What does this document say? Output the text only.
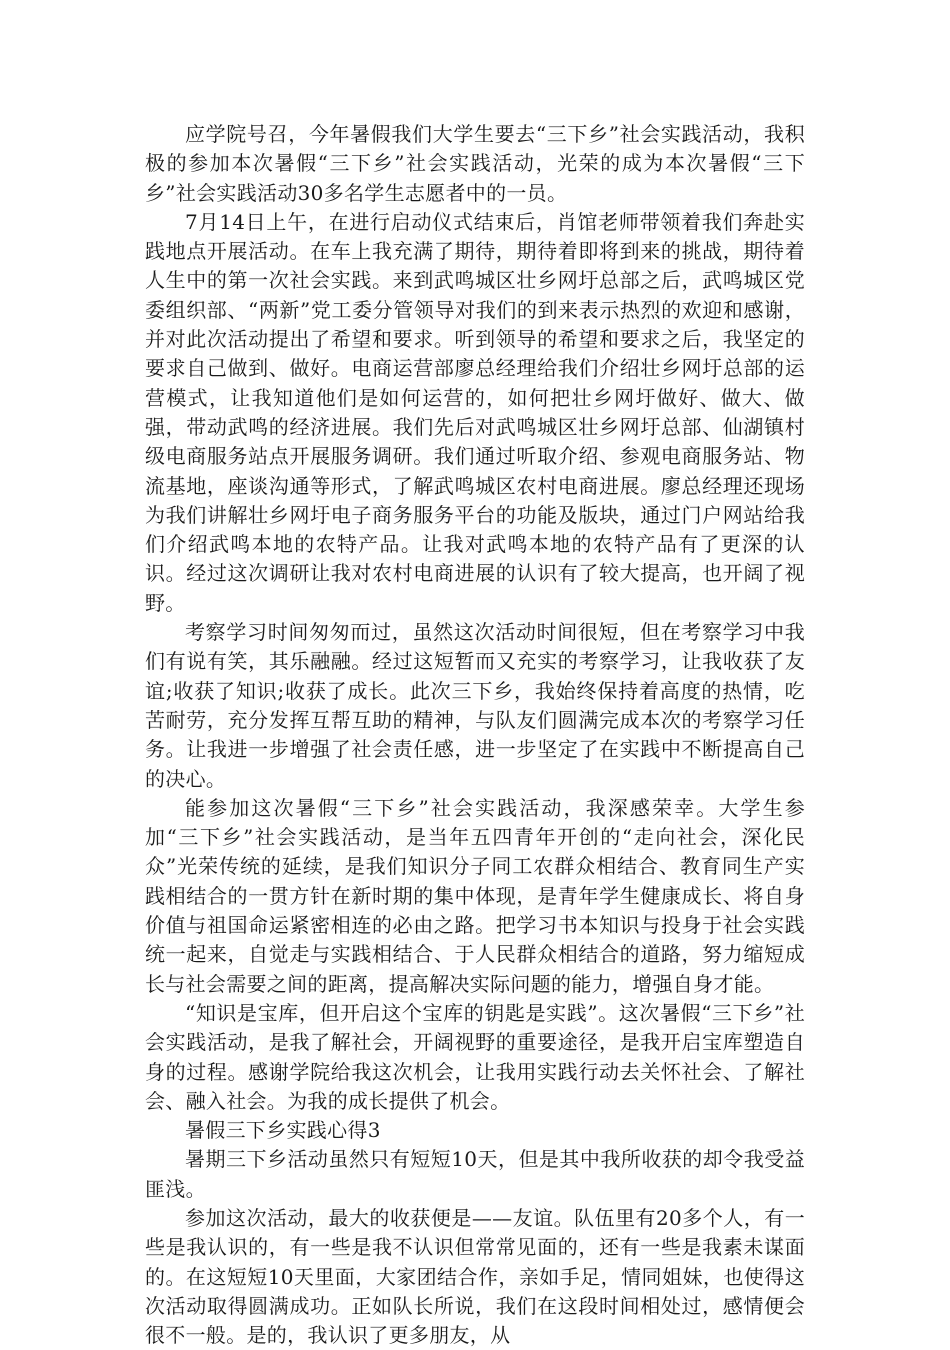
应学院号召，今年暑假我们大学生要去“三下乡”社会实践活动，我积极的参加本次暑假“三下乡”社会实践活动，光荣的成为本次暑假“三下乡”社会实践活动30多名学生志愿者中的一员。

7月14日上午，在进行启动仪式结束后，肖馆老师带领着我们奔赴实践地点开展活动。在车上我充满了期待，期待着即将到来的挑战，期待着人生中的第一次社会实践。来到武鸣城区壮乡网圩总部之后，武鸣城区党委组织部、“两新”党工委分管领导对我们的到来表示热烈的欢迎和感谢，并对此次活动提出了希望和要求。听到领导的希望和要求之后，我坚定的要求自己做到、做好。电商运营部廖总经理给我们介绍壮乡网圩总部的运营模式，让我知道他们是如何运营的，如何把壮乡网圩做好、做大、做强，带动武鸣的经济进展。我们先后对武鸣城区壮乡网圩总部、仙湖镇村级电商服务站点开展服务调研。我们通过听取介绍、参观电商服务站、物流基地，座谈沟通等形式，了解武鸣城区农村电商进展。廖总经理还现场为我们讲解壮乡网圩电子商务服务平台的功能及版块，通过门户网站给我们介绍武鸣本地的农特产品。让我对武鸣本地的农特产品有了更深的认识。经过这次调研让我对农村电商进展的认识有了较大提高，也开阔了视野。

考察学习时间匆匆而过，虽然这次活动时间很短，但在考察学习中我们有说有笑，其乐融融。经过这短暂而又充实的考察学习，让我收获了友谊;收获了知识;收获了成长。此次三下乡，我始终保持着高度的热情，吃苦耐劳，充分发挥互帮互助的精神，与队友们圆满完成本次的考察学习任务。让我进一步增强了社会责任感，进一步坚定了在实践中不断提高自己的决心。

能参加这次暑假“三下乡”社会实践活动，我深感荣幸。大学生参加“三下乡”社会实践活动，是当年五四青年开创的“走向社会，深化民众”光荣传统的延续，是我们知识分子同工农群众相结合、教育同生产实践相结合的一贯方针在新时期的集中体现，是青年学生健康成长、将自身价值与祖国命运紧密相连的必由之路。把学习书本知识与投身于社会实践统一起来，自觉走与实践相结合、于人民群众相结合的道路，努力缩短成长与社会需要之间的距离，提高解决实际问题的能力，增强自身才能。

“知识是宝库，但开启这个宝库的钥匙是实践”。这次暑假“三下乡”社会实践活动，是我了解社会，开阔视野的重要途径，是我开启宝库塑造自身的过程。感谢学院给我这次机会，让我用实践行动去关怀社会、了解社会、融入社会。为我的成长提供了机会。

暑假三下乡实践心得3

暑期三下乡活动虽然只有短短10天，但是其中我所收获的却令我受益匪浅。

参加这次活动，最大的收获便是——友谊。队伍里有20多个人，有一些是我认识的，有一些是我不认识但常常见面的，还有一些是我素未谋面的。在这短短10天里面，大家团结合作，亲如手足，情同姐妹，也使得这次活动取得圆满成功。正如队长所说，我们在这段时间相处过，感情便会很不一般。是的，我认识了更多朋友，从
